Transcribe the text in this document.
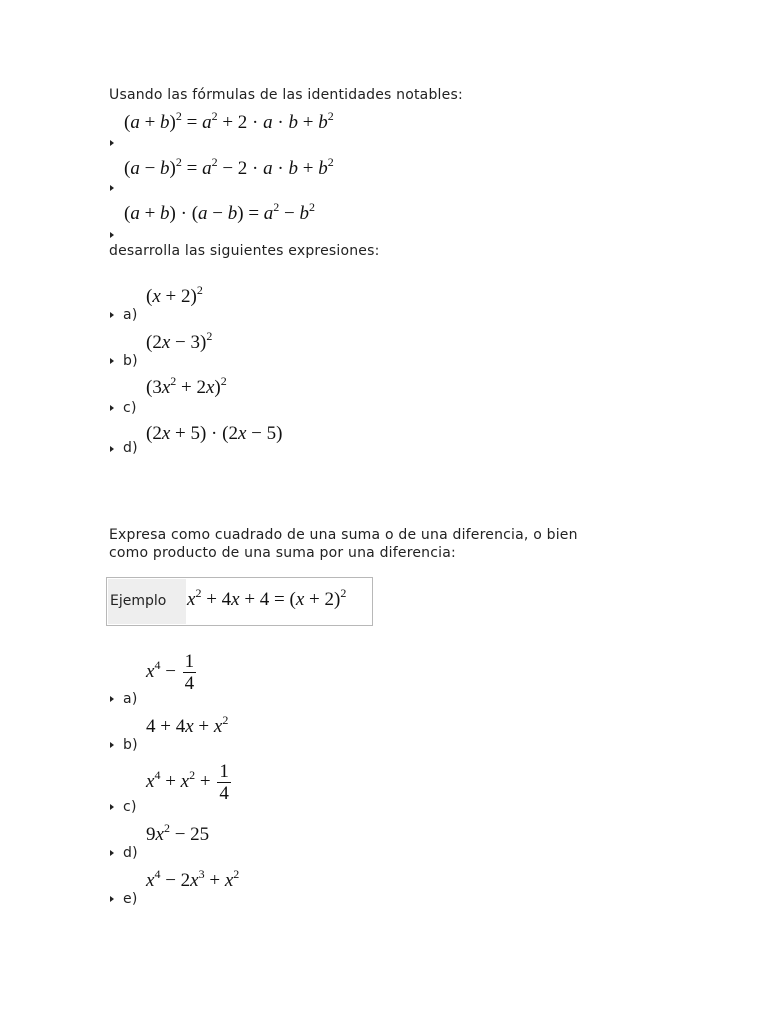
Usando las fórmulas de las identidades notables:
$(a + b)^2 = a^2 + 2 \cdot a \cdot b + b^2$
$(a - b)^2 = a^2 - 2 \cdot a \cdot b + b^2$
$(a + b) \cdot (a - b) = a^2 - b^2$
desarrolla las siguientes expresiones:
$(x + 2)^2$
a)
$(2x - 3)^2$
b)
$(3x^2 + 2x)^2$
c)
(2x + 5) · (2x − 5)
d)
Expresa como cuadrado de una suma o de una diferencia, o bien
como producto de una suma por una diferencia:
Ejemplo	$x^2 + 4x + 4 = (x + 2)^2$
$x^4 - \frac{1}{4}$
a)
$4 + 4x + x^2$
b)
$x^4 + x^2 + \frac{1}{4}$
c)
$9x^2 - 25$
d)
$x^4 - 2x^3 + x^2$
e)
